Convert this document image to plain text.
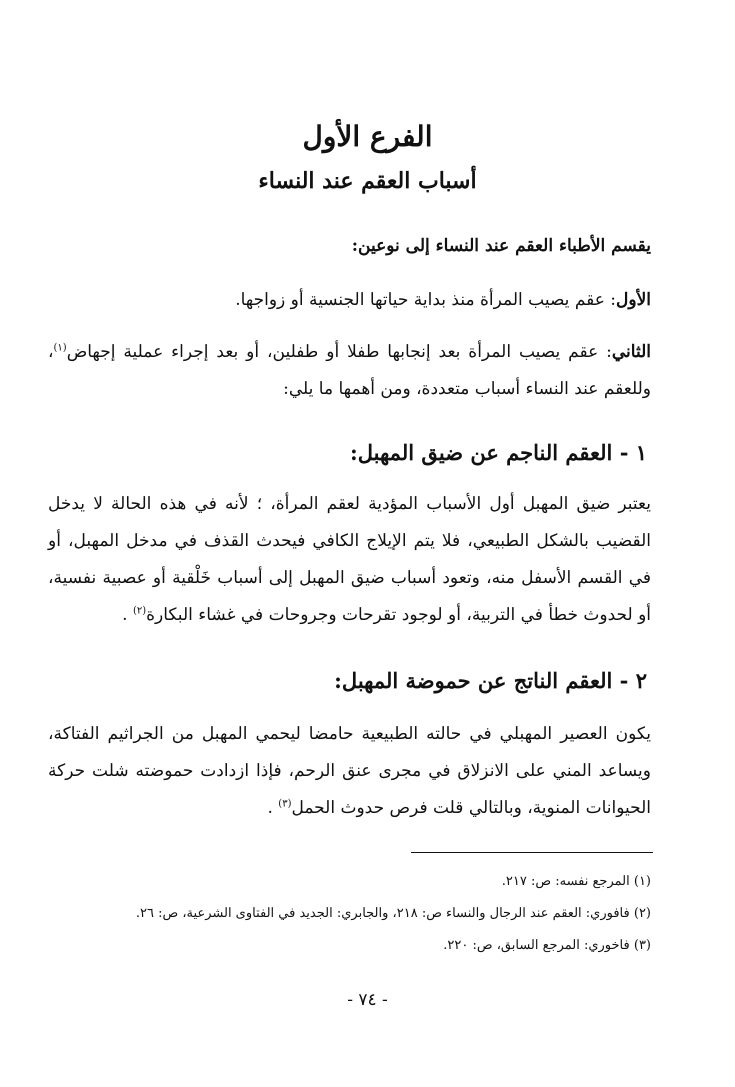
الفرع الأول
أسباب العقم عند النساء
يقسم الأطباء العقم عند النساء إلى نوعين:
الأول: عقم يصيب المرأة منذ بداية حياتها الجنسية أو زواجها.
الثاني: عقم يصيب المرأة بعد إنجابها طفلا أو طفلين، أو بعد إجراء عملية إجهاض$^{(١)}$، وللعقم عند النساء أسباب متعددة، ومن أهمها ما يلي:
١ - العقم الناجم عن ضيق المهبل:
يعتبر ضيق المهبل أول الأسباب المؤدية لعقم المرأة، ؛ لأنه في هذه الحالة لا يدخل القضيب بالشكل الطبيعي، فلا يتم الإيلاج الكافي فيحدث القذف في مدخل المهبل، أو في القسم الأسفل منه، وتعود أسباب ضيق المهبل إلى أسباب خَلْقية أو عصبية نفسية، أو لحدوث خطأ في التربية، أو لوجود تقرحات وجروحات في غشاء البكارة$^{(٢)}$ .
٢ - العقم الناتج عن حموضة المهبل:
يكون العصير المهبلي في حالته الطبيعية حامضا ليحمي المهبل من الجراثيم الفتاكة، ويساعد المني على الانزلاق في مجرى عنق الرحم، فإذا ازدادت حموضته شلت حركة الحيوانات المنوية، وبالتالي قلت فرص حدوث الحمل$^{(٣)}$ .
(١) المرجع نفسه: ص: ٢١٧.
(٢) فافوري: العقم عند الرجال والنساء ص: ٢١٨، والجابري: الجديد في الفتاوى الشرعية، ص: ٢٦.
(٣) فاخوري: المرجع السابق، ص: ٢٢٠.
- ٧٤ -
